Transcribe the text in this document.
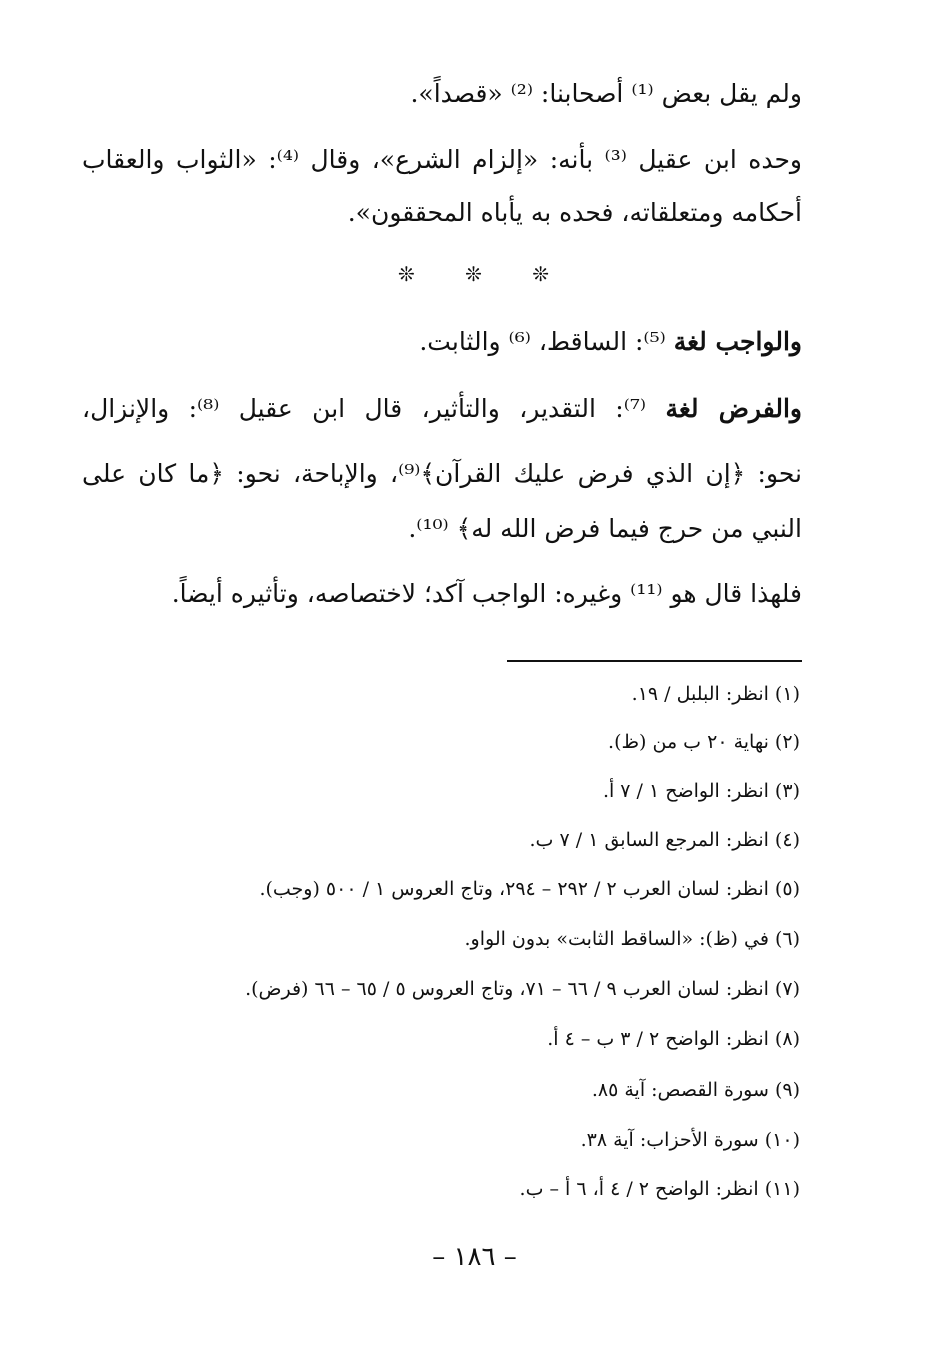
ولم يقل بعض ⁽¹⁾ أصحابنا: ⁽²⁾ «قصداً».
وحده ابن عقيل ⁽³⁾ بأنه: «إلزام الشرع»، وقال ⁽⁴⁾: «الثواب والعقاب
أحكامه ومتعلقاته، فحده به يأباه المحققون».
❊ ❊ ❊
والواجب لغة ⁽⁵⁾: الساقط، ⁽⁶⁾ والثابت.
والفرض لغة ⁽⁷⁾: التقدير، والتأثير، قال ابن عقيل ⁽⁸⁾: والإنزال،
نحو: ﴿إن الذي فرض عليك القرآن﴾⁽⁹⁾، والإباحة، نحو: ﴿ما كان على
النبي من حرج فيما فرض الله له﴾ ⁽¹⁰⁾.
فلهذا قال هو ⁽¹¹⁾ وغيره: الواجب آكد؛ لاختصاصه، وتأثيره أيضاً.
(١) انظر: البلبل / ١٩.
(٢) نهاية ٢٠ ب من (ظ).
(٣) انظر: الواضح ١ / ٧ أ.
(٤) انظر: المرجع السابق ١ / ٧ ب.
(٥) انظر: لسان العرب ٢ / ٢٩٢ – ٢٩٤، وتاج العروس ١ / ٥٠٠ (وجب).
(٦) في (ظ): «الساقط الثابت» بدون الواو.
(٧) انظر: لسان العرب ٩ / ٦٦ – ٧١، وتاج العروس ٥ / ٦٥ – ٦٦ (فرض).
(٨) انظر: الواضح ٢ / ٣ ب – ٤ أ.
(٩) سورة القصص: آية ٨٥.
(١٠) سورة الأحزاب: آية ٣٨.
(١١) انظر: الواضح ٢ / ٤ أ، ٦ أ – ب.
– ١٨٦ –
